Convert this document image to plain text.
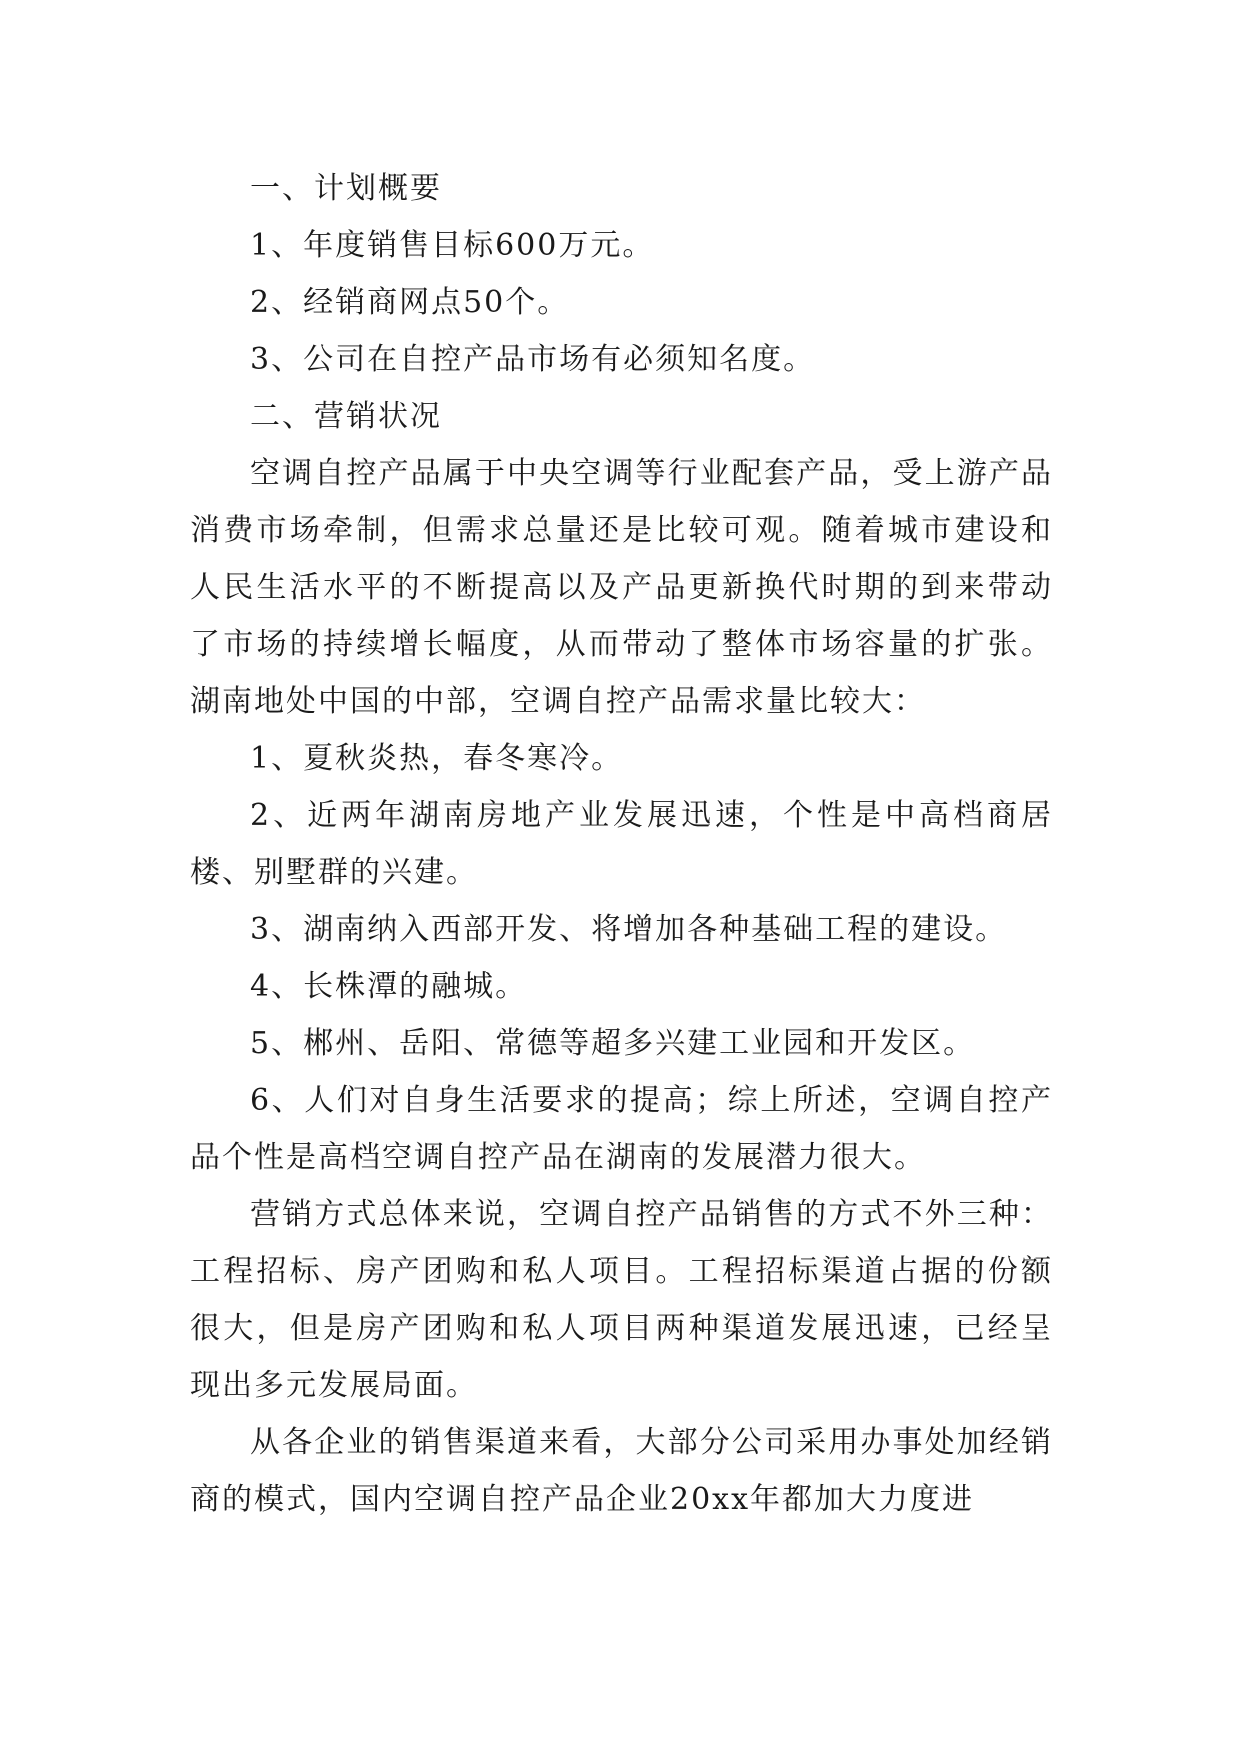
一、计划概要

1、年度销售目标600万元。

2、经销商网点50个。

3、公司在自控产品市场有必须知名度。

二、营销状况

空调自控产品属于中央空调等行业配套产品，受上游产品消费市场牵制，但需求总量还是比较可观。随着城市建设和人民生活水平的不断提高以及产品更新换代时期的到来带动了市场的持续增长幅度，从而带动了整体市场容量的扩张。湖南地处中国的中部，空调自控产品需求量比较大：

1、夏秋炎热，春冬寒冷。

2、近两年湖南房地产业发展迅速，个性是中高档商居楼、别墅群的兴建。

3、湖南纳入西部开发、将增加各种基础工程的建设。

4、长株潭的融城。

5、郴州、岳阳、常德等超多兴建工业园和开发区。

6、人们对自身生活要求的提高；综上所述，空调自控产品个性是高档空调自控产品在湖南的发展潜力很大。

营销方式总体来说，空调自控产品销售的方式不外三种：工程招标、房产团购和私人项目。工程招标渠道占据的份额很大，但是房产团购和私人项目两种渠道发展迅速，已经呈现出多元发展局面。

从各企业的销售渠道来看，大部分公司采用办事处加经销商的模式，国内空调自控产品企业20xx年都加大力度进
